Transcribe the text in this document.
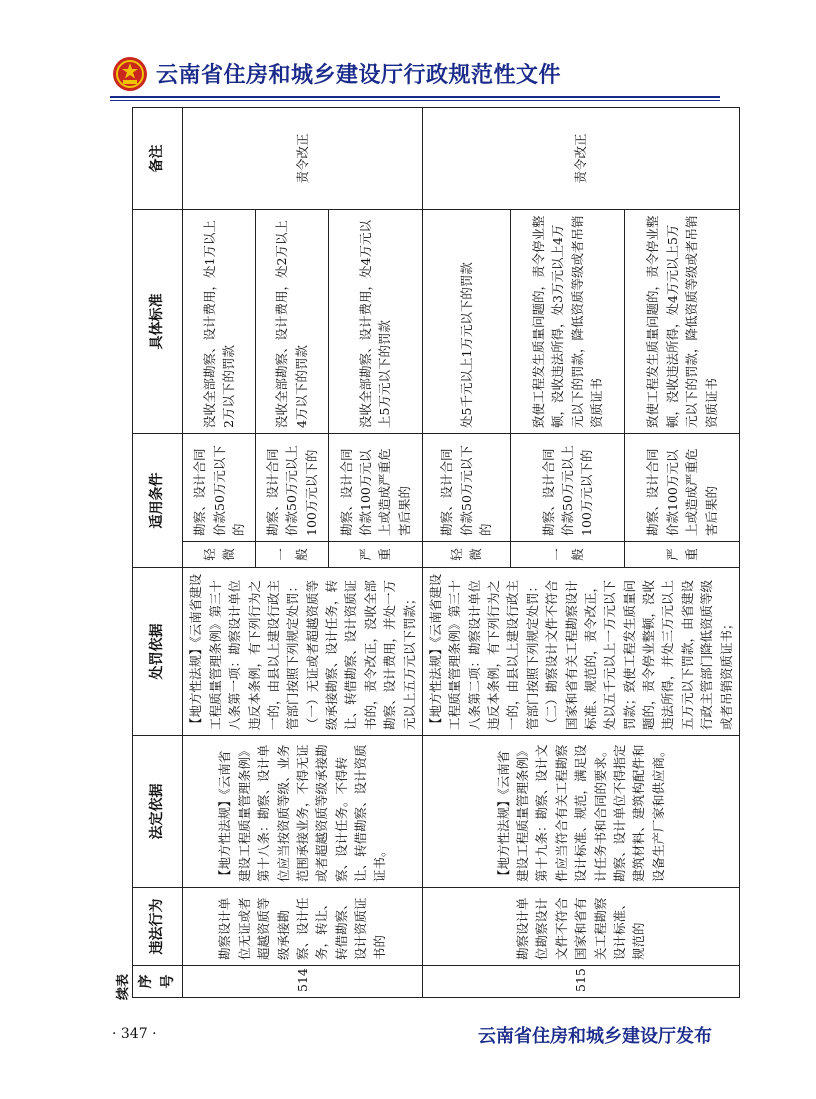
云南省住房和城乡建设厅行政规范性文件
续表 序号	违法行为	法定依据	处罚依据	适用条件		具体标准	备注
514	勘察设计单位无证或者超越资质等级承接勘察、设计任务，转让、转借勘察、设计资质证书的	【地方性法规】《云南省建设工程质量管理条例》第十八条：勘察、设计单位应当按资质等级、业务范围承接业务，不得无证或者超越资质等级承接勘察、设计任务。不得转让、转借勘察、设计资质证书。	【地方性法规】《云南省建设工程质量管理条例》第三十八条第一项：勘察设计单位违反本条例，有下列行为之一的，由县以上建设行政主管部门按照下列规定处罚：（一）无证或者超越资质等级承接勘察、设计任务，转让、转借勘察、设计资质证书的，责令改正，没收全部勘察、设计费用，并处一万元以上五万元以下罚款；	轻微	勘察、设计合同价款50万元以下的	没收全部勘察、设计费用，处1万以上2万以下的罚款	责令改正
				一般	勘察、设计合同价款50万元以上100万元以下的	没收全部勘察、设计费用，处2万以上4万以下的罚款	
				严重	勘察、设计合同价款100万元以上或造成严重危害后果的	没收全部勘察、设计费用，处4万元以上5万元以下的罚款	
515	勘察设计单位勘察设计文件不符合国家和省有关工程勘察设计标准、规范的	【地方性法规】《云南省建设工程质量管理条例》第十九条：勘察、设计文件应当符合有关工程勘察设计标准、规范，满足设计任务书和合同的要求。勘察、设计单位不得指定建筑材料、建筑构配件和设备生产厂家和供应商。	【地方性法规】《云南省建设工程质量管理条例》第三十八条第二项：勘察设计单位违反本条例，有下列行为之一的，由县以上建设行政主管部门按照下列规定处罚：（二）勘察设计文件不符合国家和省有关工程勘察设计标准、规范的，责令改正，处以五千元以上一万元以下罚款；致使工程发生质量问题的，责令停业整顿，没收违法所得，并处三万元以上五万元以下罚款，由省建设行政主管部门降低资质等级或者吊销资质证书；	轻微	勘察、设计合同价款50万元以下的	处5千元以上1万元以下的罚款	责令改正
				一般	勘察、设计合同价款50万元以上100万元以下的	致使工程发生质量问题的，责令停业整顿，没收违法所得，处3万元以上4万元以下的罚款，降低资质等级或者吊销资质证书	
				严重	勘察、设计合同价款100万元以上或造成严重危害后果的	致使工程发生质量问题的，责令停业整顿，没收违法所得，处4万元以上5万元以下的罚款，降低资质等级或者吊销资质证书	
· 347 ·	云南省住房和城乡建设厅发布
